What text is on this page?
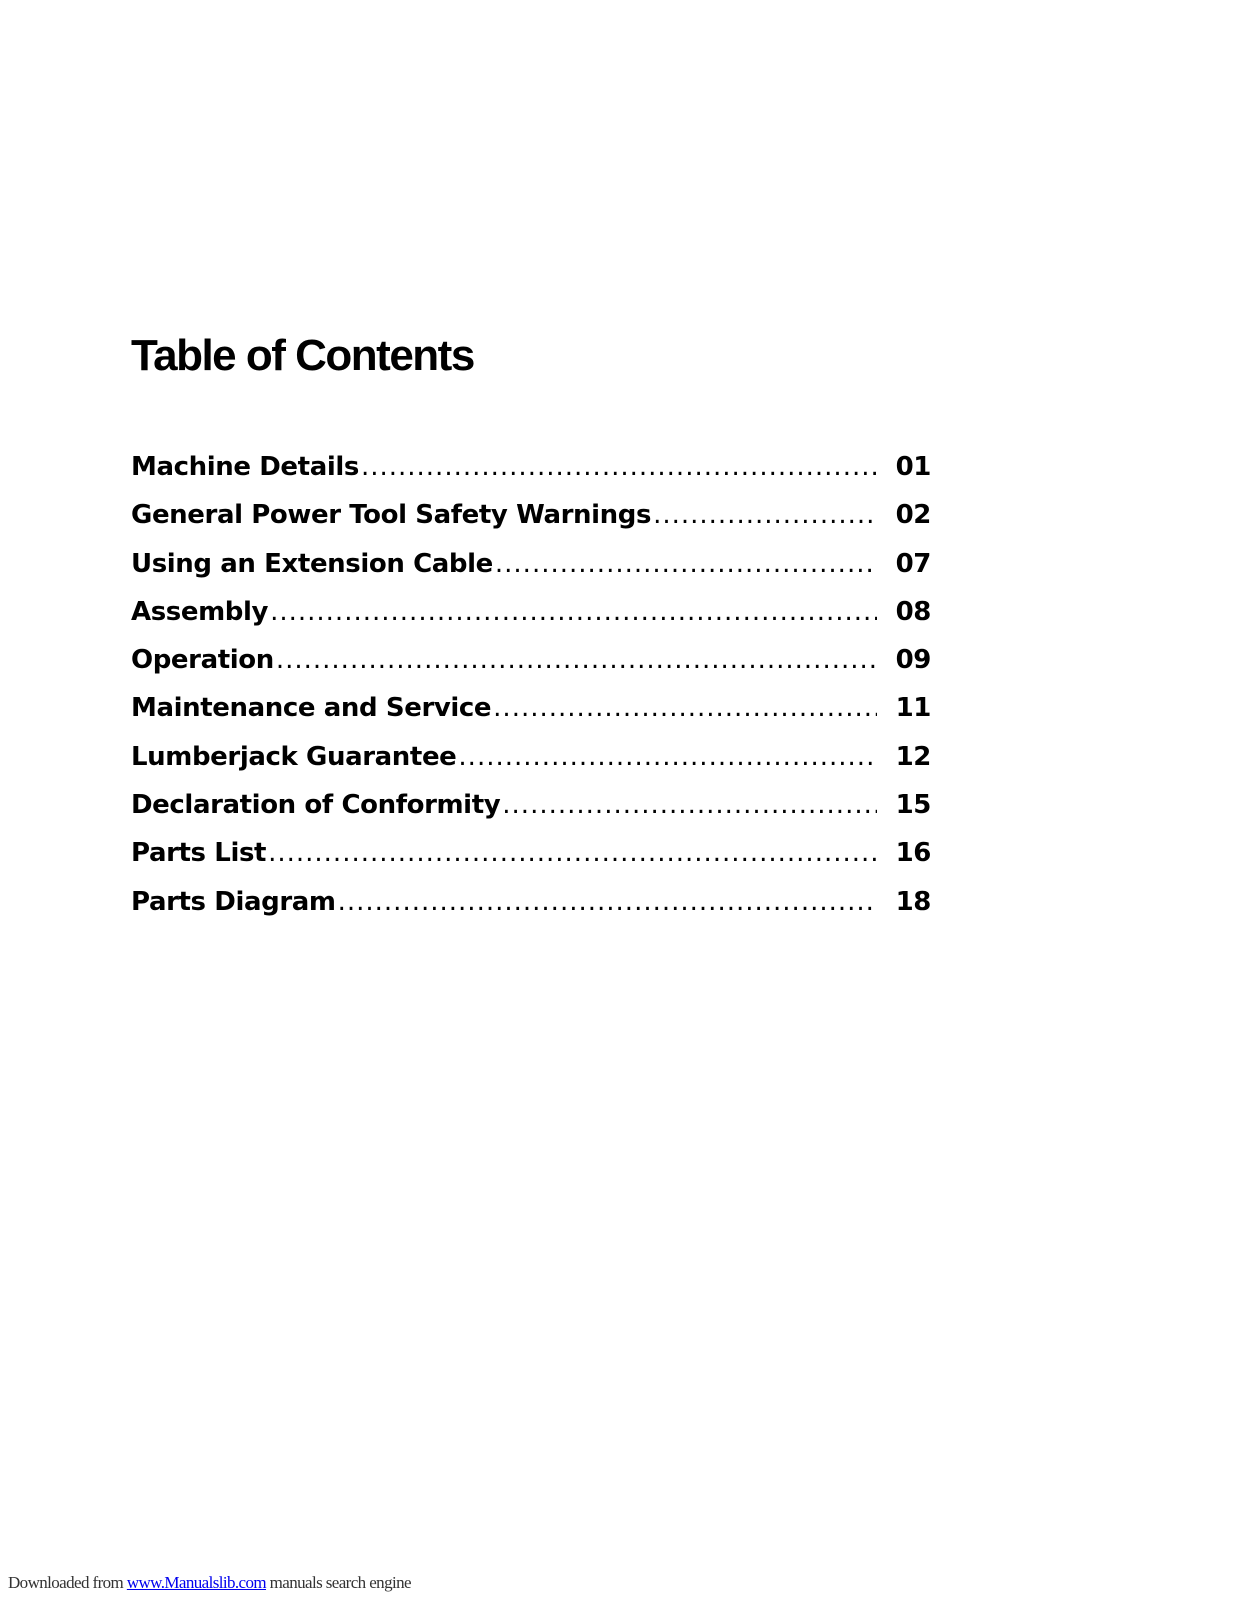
Table of Contents
Machine Details .....	01
General Power Tool Safety Warnings .....	02
Using an Extension Cable .....	07
Assembly .....	08
Operation .....	09
Maintenance and Service .....	11
Lumberjack Guarantee .....	12
Declaration of Conformity .....	15
Parts List .....	16
Parts Diagram .....	18
Downloaded from www.Manualslib.com manuals search engine
